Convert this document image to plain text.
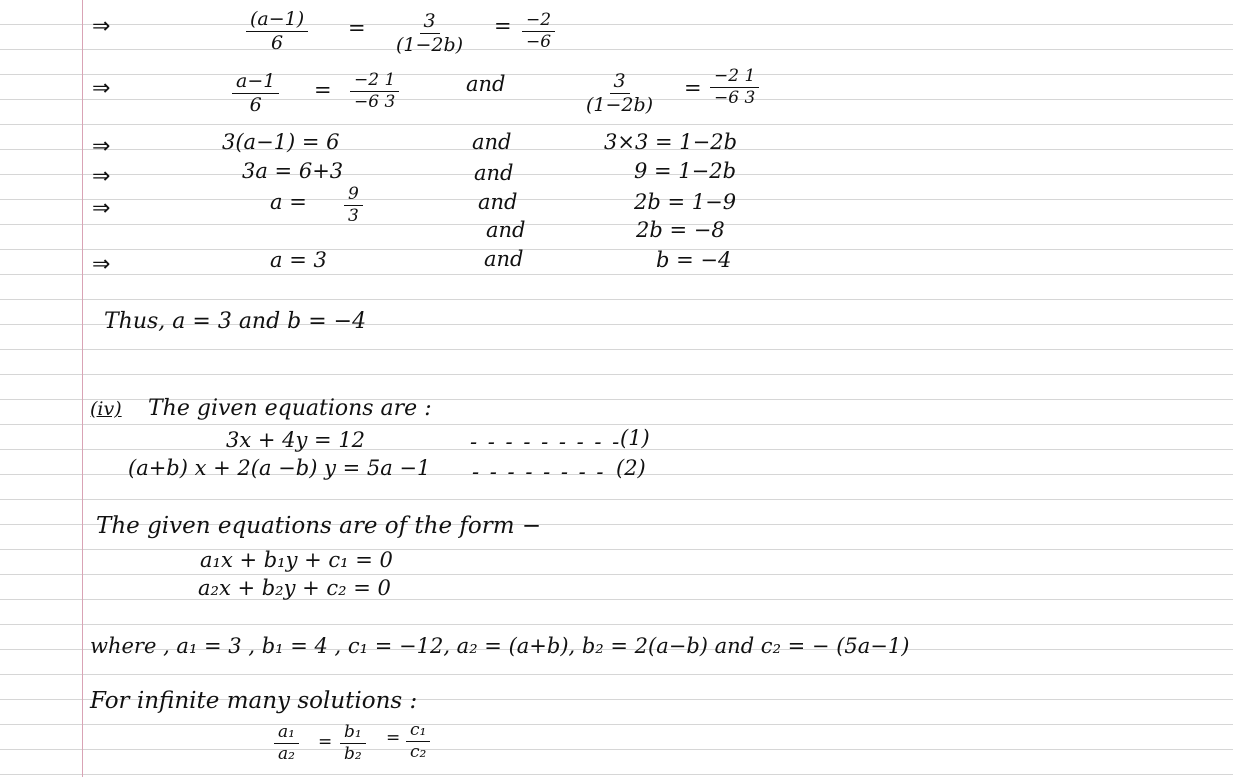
⇒	$\frac{(a-1)}{6} = \frac{3}{(1-2b)} = \frac{-2}{-6}$
⇒	$\frac{a-1}{6} = \frac{-2 1}{-6 3}$	and	$\frac{3}{(1-2b)} = \frac{-2 1}{-6 3}$
⇒	3(a−1) = 6	and	3×3 = 1−2b
⇒	3a = 6+3	and	9 = 1−2b
⇒	$a = \frac{9}{3}$	and	2b = 1−9
and	2b = −8
⇒	a = 3	and	b = −4
Thus, a = 3 and b = −4
(iv) The given equations are :
3x + 4y = 12	- - - - - - - - -
(1)
(a+b) x + 2(a −b) y = 5a −1 - - - - - - - - (2)
The given equations are of the form −
a₁x + b₁y + c₁ = 0
a₂x + b₂y + c₂ = 0
where , a₁ = 3 , b₁ = 4 , c₁ = −12, a₂ = (a+b), b₂ = 2(a−b) and c₂ = − (5a−1)
For infinite many solutions :
$\frac{\text{a₁}}{\text{a₂}} = \frac{\text{b₁}}{\text{b₂}} = \frac{\text{c₁}}{\text{c₂}}$
